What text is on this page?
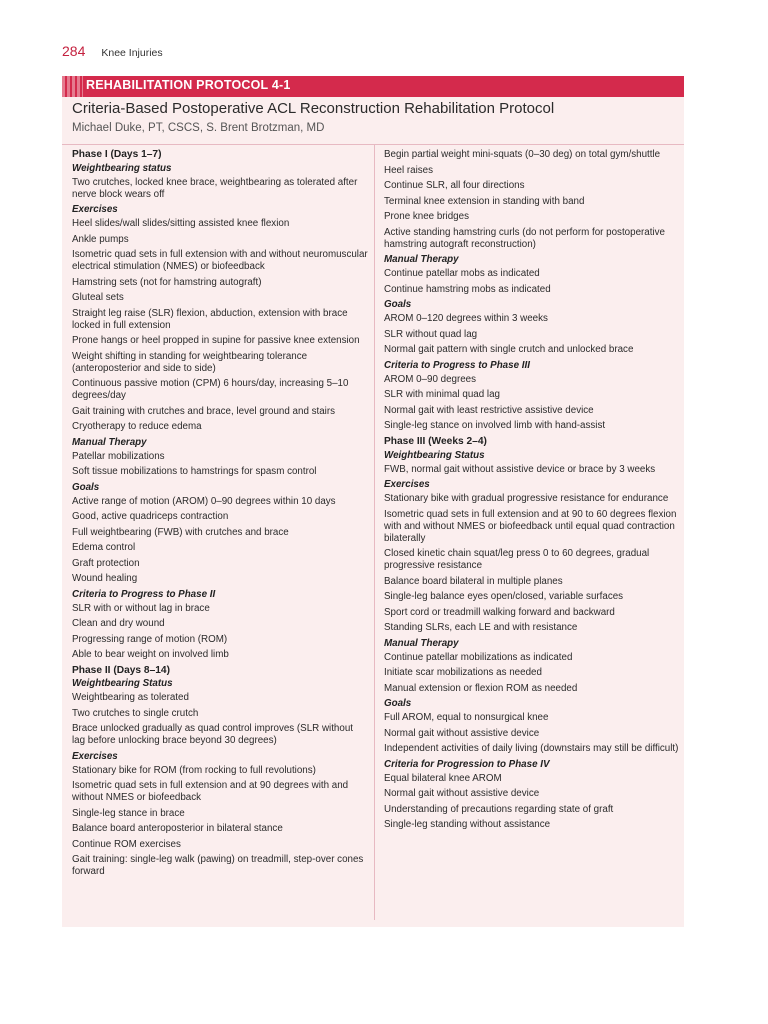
284 Knee Injuries
REHABILITATION PROTOCOL 4-1
Criteria-Based Postoperative ACL Reconstruction Rehabilitation Protocol
Michael Duke, PT, CSCS, S. Brent Brotzman, MD

Phase I (Days 1–7)

Weightbearing status

Two crutches, locked knee brace, weightbearing as tolerated after nerve block wears off

Exercises

Heel slides/wall slides/sitting assisted knee flexion

Ankle pumps

Isometric quad sets in full extension with and without neuromuscular electrical stimulation (NMES) or biofeedback

Hamstring sets (not for hamstring autograft)

Gluteal sets

Straight leg raise (SLR) flexion, abduction, extension with brace locked in full extension

Prone hangs or heel propped in supine for passive knee extension

Weight shifting in standing for weightbearing tolerance (anteroposterior and side to side)

Continuous passive motion (CPM) 6 hours/day, increasing 5–10 degrees/day

Gait training with crutches and brace, level ground and stairs

Cryotherapy to reduce edema

Manual Therapy

Patellar mobilizations

Soft tissue mobilizations to hamstrings for spasm control

Goals

Active range of motion (AROM) 0–90 degrees within 10 days

Good, active quadriceps contraction

Full weightbearing (FWB) with crutches and brace

Edema control

Graft protection

Wound healing

Criteria to Progress to Phase II

SLR with or without lag in brace

Clean and dry wound

Progressing range of motion (ROM)

Able to bear weight on involved limb

Phase II (Days 8–14)

Weightbearing Status

Weightbearing as tolerated

Two crutches to single crutch

Brace unlocked gradually as quad control improves (SLR without lag before unlocking brace beyond 30 degrees)

Exercises

Stationary bike for ROM (from rocking to full revolutions)

Isometric quad sets in full extension and at 90 degrees with and without NMES or biofeedback

Single-leg stance in brace

Balance board anteroposterior in bilateral stance

Continue ROM exercises

Gait training: single-leg walk (pawing) on treadmill, step-over cones forward

Begin partial weight mini-squats (0–30 deg) on total gym/shuttle

Heel raises

Continue SLR, all four directions

Terminal knee extension in standing with band

Prone knee bridges

Active standing hamstring curls (do not perform for postoperative hamstring autograft reconstruction)

Manual Therapy

Continue patellar mobs as indicated

Continue hamstring mobs as indicated

Goals

AROM 0–120 degrees within 3 weeks

SLR without quad lag

Normal gait pattern with single crutch and unlocked brace

Criteria to Progress to Phase III

AROM 0–90 degrees

SLR with minimal quad lag

Normal gait with least restrictive assistive device

Single-leg stance on involved limb with hand-assist

Phase III (Weeks 2–4)

Weightbearing Status

FWB, normal gait without assistive device or brace by 3 weeks

Exercises

Stationary bike with gradual progressive resistance for endurance

Isometric quad sets in full extension and at 90 to 60 degrees flexion with and without NMES or biofeedback until equal quad contraction bilaterally

Closed kinetic chain squat/leg press 0 to 60 degrees, gradual progressive resistance

Balance board bilateral in multiple planes

Single-leg balance eyes open/closed, variable surfaces

Sport cord or treadmill walking forward and backward

Standing SLRs, each LE and with resistance

Manual Therapy

Continue patellar mobilizations as indicated

Initiate scar mobilizations as needed

Manual extension or flexion ROM as needed

Goals

Full AROM, equal to nonsurgical knee

Normal gait without assistive device

Independent activities of daily living (downstairs may still be difficult)

Criteria for Progression to Phase IV

Equal bilateral knee AROM

Normal gait without assistive device

Understanding of precautions regarding state of graft

Single-leg standing without assistance
